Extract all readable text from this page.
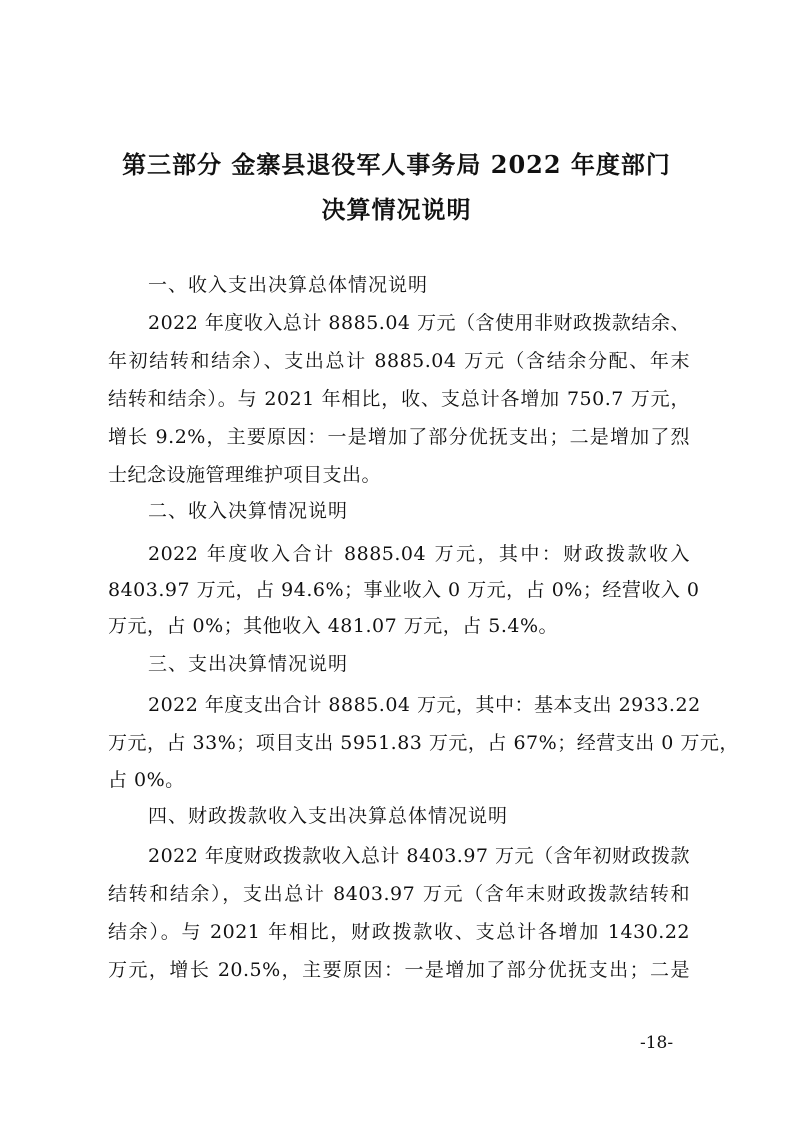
第三部分 金寨县退役军人事务局 2022 年度部门
决算情况说明
一、收入支出决算总体情况说明
2022 年度收入总计 8885.04 万元（含使用非财政拨款结余、
年初结转和结余）、支出总计 8885.04 万元（含结余分配、年末
结转和结余）。与 2021 年相比，收、支总计各增加 750.7 万元，
增长 9.2%，主要原因：一是增加了部分优抚支出；二是增加了烈
士纪念设施管理维护项目支出。
二、收入决算情况说明
2022 年度收入合计 8885.04 万元，其中：财政拨款收入
8403.97 万元，占 94.6%；事业收入 0 万元，占 0%；经营收入 0
万元，占 0%；其他收入 481.07 万元，占 5.4%。
三、支出决算情况说明
2022 年度支出合计 8885.04 万元，其中：基本支出 2933.22
万元，占 33%；项目支出 5951.83 万元，占 67%；经营支出 0 万元，
占 0%。
四、财政拨款收入支出决算总体情况说明
2022 年度财政拨款收入总计 8403.97 万元（含年初财政拨款
结转和结余），支出总计 8403.97 万元（含年末财政拨款结转和
结余）。与 2021 年相比，财政拨款收、支总计各增加 1430.22
万元，增长 20.5%，主要原因：一是增加了部分优抚支出；二是
-18-
